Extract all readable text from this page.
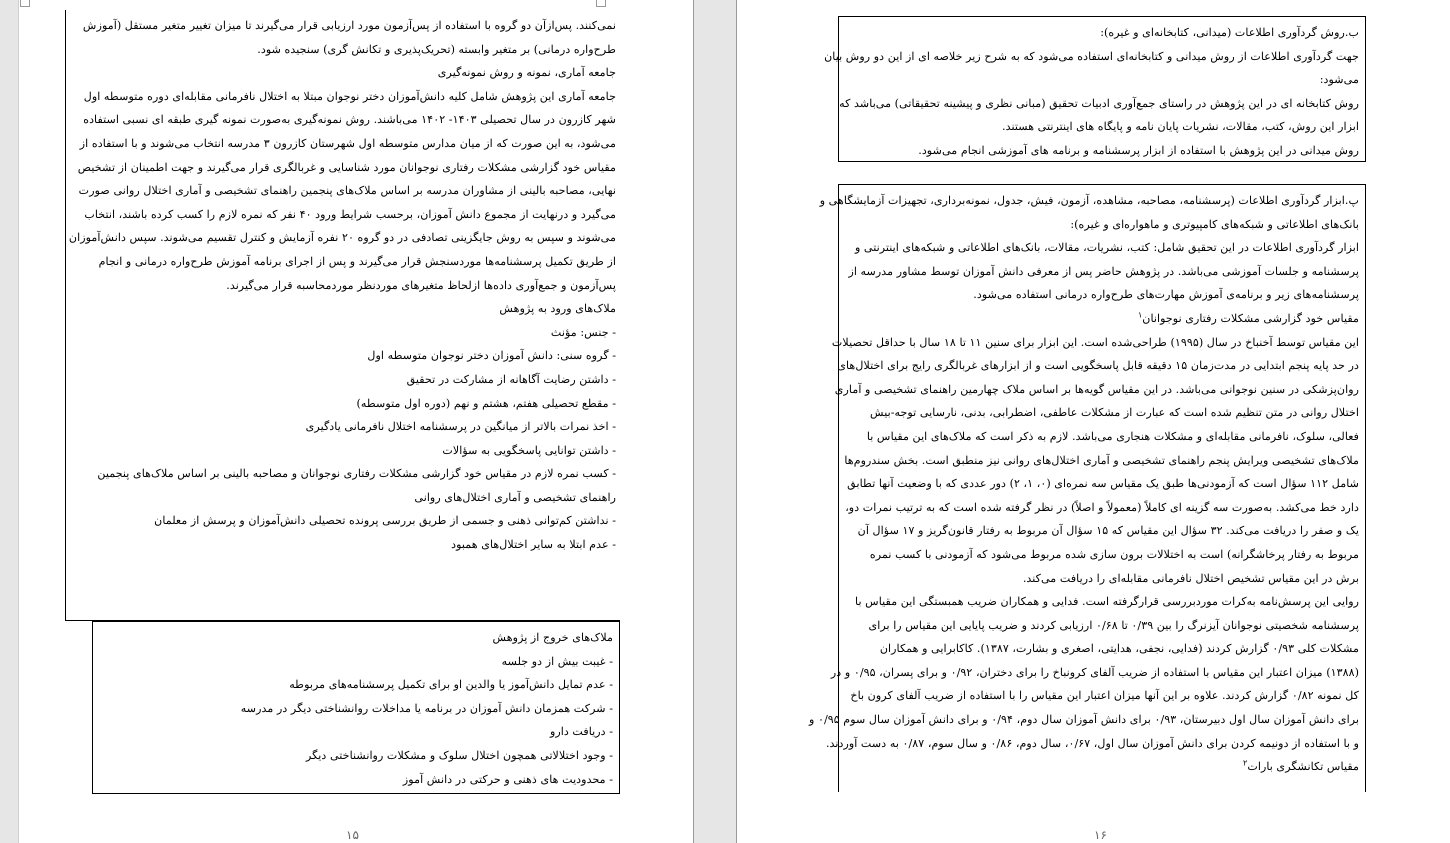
نمی‌کنند. پس‌ازآن دو گروه با استفاده از پس‌آزمون مورد ارزیابی قرار می‌گیرند تا میزان تغییر متغیر مستقل (آموزش
طرح‌واره درمانی) بر متغیر وابسته (تحریک‌پذیری و تکانش گری) سنجیده شود.
جامعه آماری، نمونه و روش نمونه‌گیری
جامعه آماری این پژوهش شامل کلیه دانش‌آموزان دختر نوجوان مبتلا به اختلال نافرمانی مقابله‌ای دوره متوسطه اول
شهر کازرون در سال تحصیلی ۱۴۰۳- ۱۴۰۲ می‌باشند. روش نمونه‌گیری به‌صورت نمونه گیری طبقه ای نسبی استفاده
می‌شود، به این صورت که از میان مدارس متوسطه اول شهرستان کازرون ۳ مدرسه انتخاب می‌شوند و با استفاده از
مقیاس خود گزارشی مشکلات رفتاری نوجوانان مورد شناسایی و غربالگری قرار می‌گیرند و جهت اطمینان از تشخیص
نهایی، مصاحبه بالینی از مشاوران مدرسه بر اساس ملاک‌های پنجمین راهنمای تشخیصی و آماری اختلال روانی صورت
می‌گیرد و درنهایت از مجموع دانش آموزان، برحسب شرایط ورود ۴۰ نفر که نمره لازم را کسب کرده باشند، انتخاب
می‌شوند و سپس به روش جایگزینی تصادفی در دو گروه ۲۰ نفره آزمایش و کنترل تقسیم می‌شوند. سپس دانش‌آموزان
از طریق تکمیل پرسشنامه‌ها موردسنجش قرار می‌گیرند و پس از اجرای برنامه آموزش طرح‌واره درمانی و انجام
پس‌آزمون و جمع‌آوری داده‌ها ازلحاظ متغیرهای موردنظر موردمحاسبه قرار می‌گیرند.
ملاک‌های ورود به پژوهش
- جنس: مؤنث
- گروه سنی: دانش آموزان دختر نوجوان متوسطه اول
- داشتن رضایت آگاهانه از مشارکت در تحقیق
- مقطع تحصیلی هفتم، هشتم و نهم (دوره اول متوسطه)
- اخذ نمرات بالاتر از میانگین در پرسشنامه اختلال نافرمانی یادگیری
- داشتن توانایی پاسخگویی به سؤالات
- کسب نمره لازم در مقیاس خود گزارشی مشکلات رفتاری نوجوانان و مصاحبه بالینی بر اساس ملاک‌های پنجمین
راهنمای تشخیصی و آماری اختلال‌های روانی
- نداشتن کم‌توانی ذهنی و جسمی از طریق بررسی پرونده تحصیلی دانش‌آموزان و پرسش از معلمان
- عدم ابتلا به سایر اختلال‌های همبود
ملاک‌های خروج از پژوهش
- غیبت بیش از دو جلسه
- عدم تمایل دانش‌آموز یا والدین او برای تکمیل پرسشنامه‌های مربوطه
- شرکت همزمان دانش آموزان در برنامه یا مداخلات روانشناختی دیگر در مدرسه
- دریافت دارو
- وجود اختلالاتی همچون اختلال سلوک و مشکلات روانشناختی دیگر
- محدودیت های ذهنی و حرکتی در دانش آموز
ب.روش گردآوری اطلاعات (میدانی، کتابخانه‌ای و غیره):
جهت گردآوری اطلاعات از روش میدانی و کتابخانه‌ای استفاده می‌شود که به شرح زیر خلاصه ای از این دو روش بیان
می‌شود:
روش کتابخانه ای در این پژوهش در راستای جمع‌آوری ادبیات تحقیق (مبانی نظری و پیشینه تحقیقاتی) می‌باشد که
ابزار این روش، کتب، مقالات، نشریات پایان نامه و پایگاه های اینترنتی هستند.
روش میدانی در این پژوهش با استفاده از ابزار پرسشنامه و برنامه های آموزشی انجام می‌شود.
پ.ابزار گردآوری اطلاعات (پرسشنامه، مصاحبه، مشاهده، آزمون، فیش، جدول، نمونه‌برداری، تجهیزات آزمایشگاهی و
بانک‌های اطلاعاتی و شبکه‌های کامپیوتری و ماهواره‌ای و غیره):
ابزار گردآوری اطلاعات در این تحقیق شامل: کتب، نشریات، مقالات، بانک‌های اطلاعاتی و شبکه‌های اینترنتی و
پرسشنامه و جلسات آموزشی می‌باشد. در پژوهش حاضر پس از معرفی دانش آموزان توسط مشاور مدرسه از
پرسشنامه‌های زیر و برنامه‌ی آموزش مهارت‌های طرح‌واره درمانی استفاده می‌شود.
مقیاس خود گزارشی مشکلات رفتاری نوجوانان$^۱$
این مقیاس توسط آخنباخ در سال (۱۹۹۵) طراحی‌شده است. این ابزار برای سنین ۱۱ تا ۱۸ سال با حداقل تحصیلات
در حد پایه پنجم ابتدایی در مدت‌زمان ۱۵ دقیقه قابل پاسخگویی است و از ابزارهای غربالگری رایج برای اختلال‌های
روان‌پزشکی در سنین نوجوانی می‌باشد. در این مقیاس گویه‌ها بر اساس ملاک چهارمین راهنمای تشخیصی و آماری
اختلال روانی در متن تنظیم شده است که عبارت از مشکلات عاطفی، اضطرابی، بدنی، نارسایی توجه-بیش
فعالی، سلوک، نافرمانی مقابله‌ای و مشکلات هنجاری می‌باشد. لازم به ذکر است که ملاک‌های این مقیاس با
ملاک‌های تشخیصی ویرایش پنجم راهنمای تشخیصی و آماری اختلال‌های روانی نیز منطبق است. بخش سندروم‌ها
شامل ۱۱۲ سؤال است که آزمودنی‌ها طبق یک مقیاس سه نمره‌ای (۰، ۱، ۲) دور عددی که با وضعیت آنها تطابق
دارد خط می‌کشد. به‌صورت سه گزینه ای کاملاً (معمولاً و اصلاً) در نظر گرفته شده است که به ترتیب نمرات دو،
یک و صفر را دریافت می‌کند. ۳۲ سؤال این مقیاس که ۱۵ سؤال آن مربوط به رفتار قانون‌گریز و ۱۷ سؤال آن
مربوط به رفتار پرخاشگرانه) است به اختلالات برون سازی شده مربوط می‌شود که آزمودنی با کسب نمره
برش در این مقیاس تشخیص اختلال نافرمانی مقابله‌ای را دریافت می‌کند.
روایی این پرسش‌نامه به‌کرات موردبررسی قرارگرفته است. فدایی و همکاران ضریب همبستگی این مقیاس با
پرسشنامه شخصیتی نوجوانان آیزنرگ را بین ۰/۳۹ تا ۰/۶۸ ارزیابی کردند و ضریب پایایی این مقیاس را برای
مشکلات کلی ۰/۹۳ گزارش کردند (فدایی، نجفی، هدایتی، اصغری و بشارت، ۱۳۸۷). کاکابرایی و همکاران
(۱۳۸۸) میزان اعتبار این مقیاس با استفاده از ضریب آلفای کرونباخ را برای دختران، ۰/۹۲ و برای پسران، ۰/۹۵ و در
کل نمونه ۰/۸۲ گزارش کردند. علاوه بر این آنها میزان اعتبار این مقیاس را با استفاده از ضریب آلفای کرون باخ
برای دانش آموزان سال اول دبیرستان، ۰/۹۳ برای دانش آموزان سال دوم، ۰/۹۴ و برای دانش آموزان سال سوم ۰/۹۵ و
و با استفاده از دونیمه کردن برای دانش آموزان سال اول، ۰/۶۷، سال دوم، ۰/۸۶ و سال سوم، ۰/۸۷ به دست آوردند.
مقیاس تکانشگری بارات$^۲$
۱۵	۱۶
